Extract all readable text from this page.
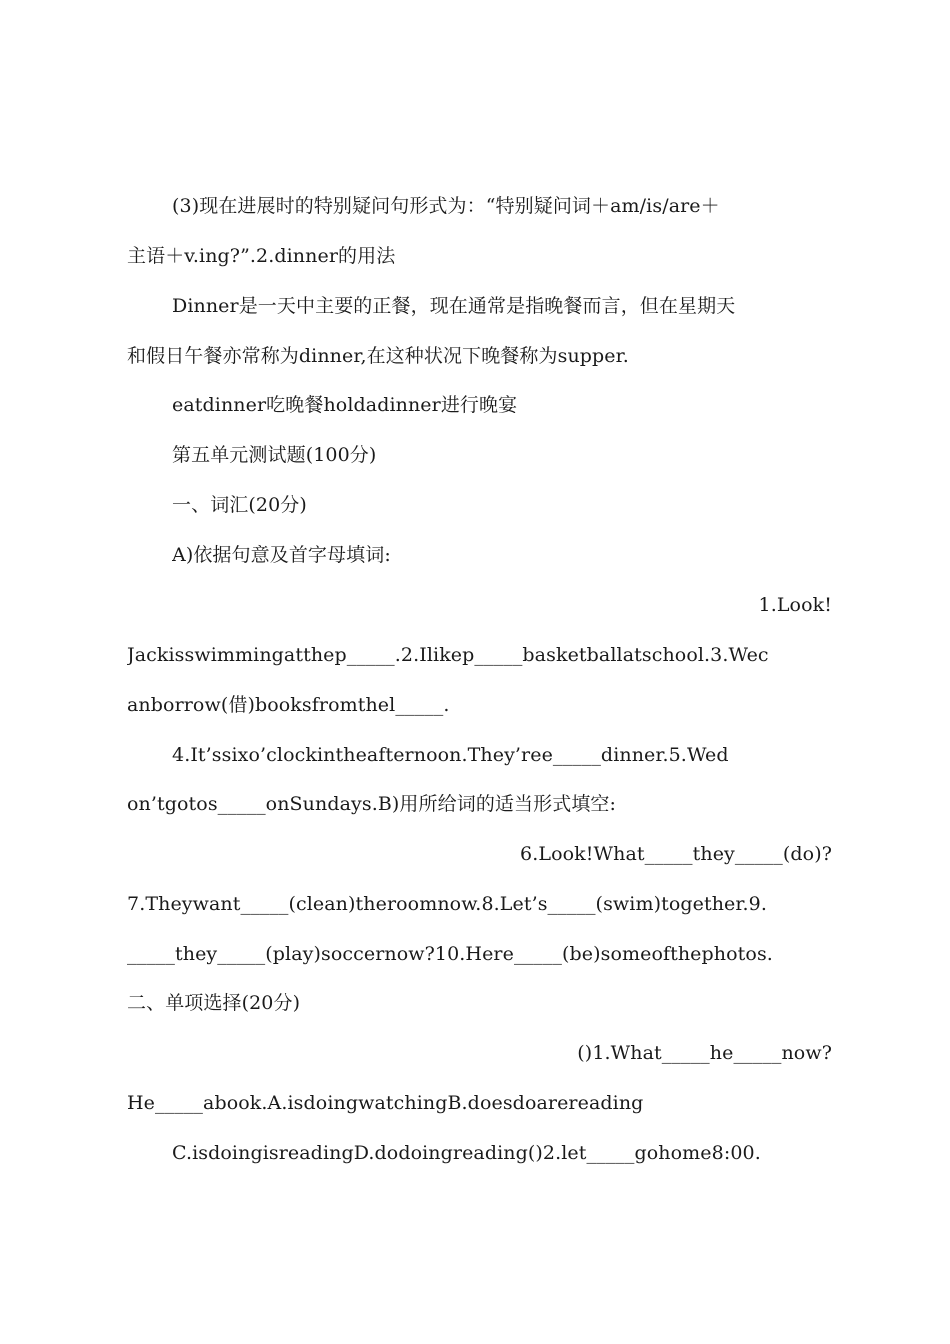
(3)现在进展时的特别疑问句形式为：“特别疑问词＋am/is/are＋
主语＋v.ing?”.2.dinner的用法
Dinner是一天中主要的正餐，现在通常是指晚餐而言，但在星期天
和假日午餐亦常称为dinner,在这种状况下晚餐称为supper.
eatdinner吃晚餐holdadinner进行晚宴
第五单元测试题(100分)
一、词汇(20分)
A)依据句意及首字母填词:
1.Look!
Jackisswimmingatthep_____.2.Ilikep_____basketballatschool.3.Wec
anborrow(借)booksfromthel_____.
4.It’ssixo’clockintheafternoon.They’ree_____dinner.5.Wed
on’tgotos_____onSundays.B)用所给词的适当形式填空:
6.Look!What_____they_____(do)?
7.Theywant_____(clean)theroomnow.8.Let’s_____(swim)together.9.
_____they_____(play)soccernow?10.Here_____(be)someofthephotos.
二、单项选择(20分)
()1.What_____he_____now?
He_____abook.A.isdoingwatchingB.doesdoarereading
C.isdoingisreadingD.dodoingreading()2.let_____gohome8:00.
